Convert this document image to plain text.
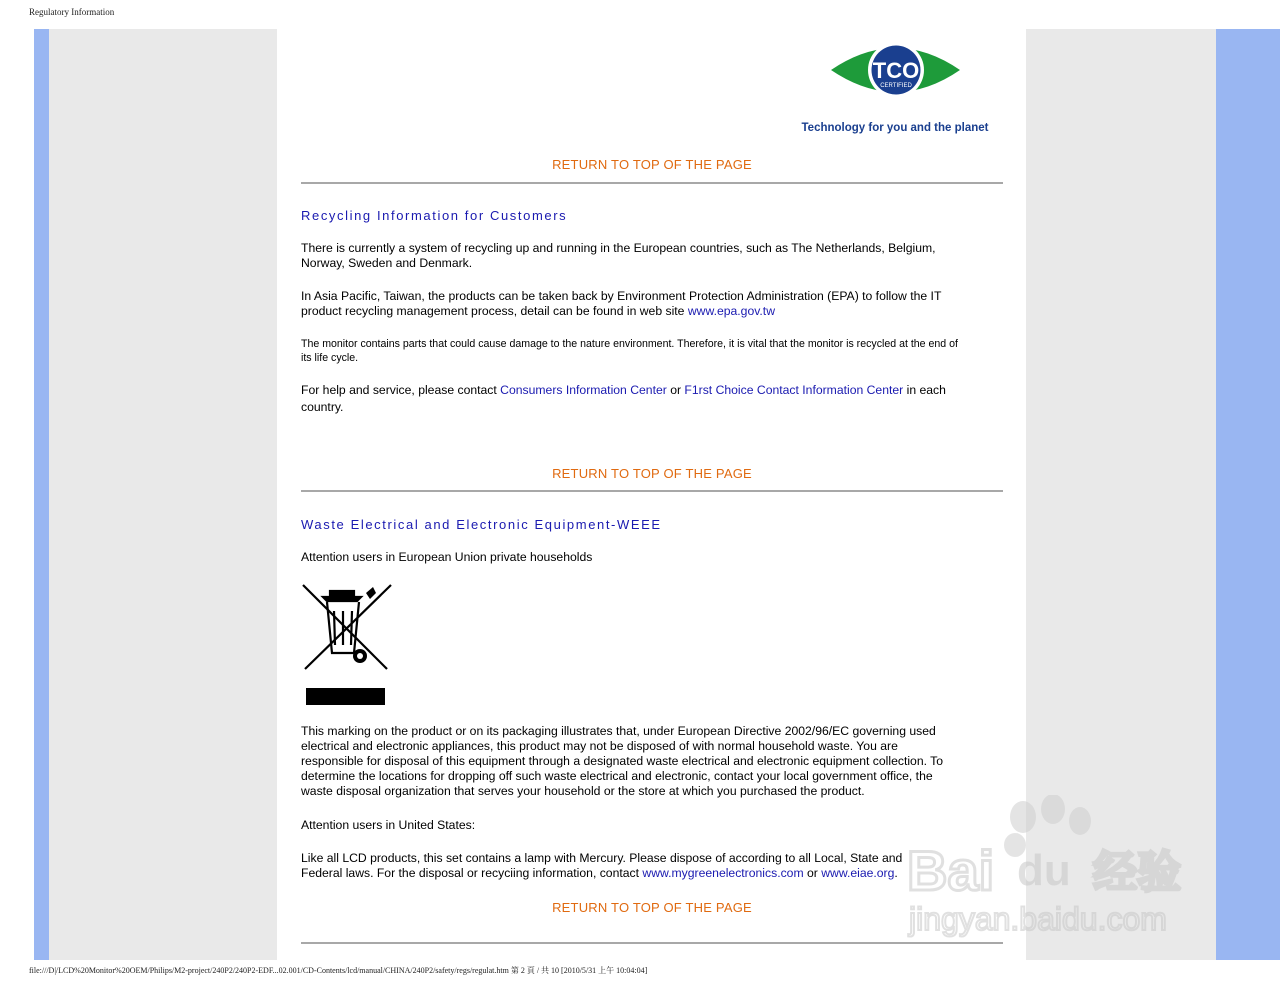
Regulatory Information
TCO
CERTIFIED
Technology for you and the planet
RETURN TO TOP OF THE PAGE
Recycling Information for Customers
There is currently a system of recycling up and running in the European countries, such as The Netherlands, Belgium, Norway, Sweden and Denmark.
In Asia Pacific, Taiwan, the products can be taken back by Environment Protection Administration (EPA) to follow the IT product recycling management process, detail can be found in web site www.epa.gov.tw
The monitor contains parts that could cause damage to the nature environment. Therefore, it is vital that the monitor is recycled at the end of its life cycle.
For help and service, please contact Consumers Information Center or F1rst Choice Contact Information Center in each country.
RETURN TO TOP OF THE PAGE
Waste Electrical and Electronic Equipment-WEEE
Attention users in European Union private households
This marking on the product or on its packaging illustrates that, under European Directive 2002/96/EC governing used electrical and electronic appliances, this product may not be disposed of with normal household waste. You are responsible for disposal of this equipment through a designated waste electrical and electronic equipment collection. To determine the locations for dropping off such waste electrical and electronic, contact your local government office, the waste disposal organization that serves your household or the store at which you purchased the product.
Attention users in United States:
Like all LCD products, this set contains a lamp with Mercury. Please dispose of according to all Local, State and Federal laws. For the disposal or recyciing information, contact www.mygreenelectronics.com or www.eiae.org.
RETURN TO TOP OF THE PAGE
Bai du 经验
jingyan.baidu.com
file:///D|/LCD%20Monitor%20OEM/Philips/M2-project/240P2/240P2-EDF...02.001/CD-Contents/lcd/manual/CHINA/240P2/safety/regs/regulat.htm 第 2 頁 / 共 10 [2010/5/31 上午 10:04:04]
